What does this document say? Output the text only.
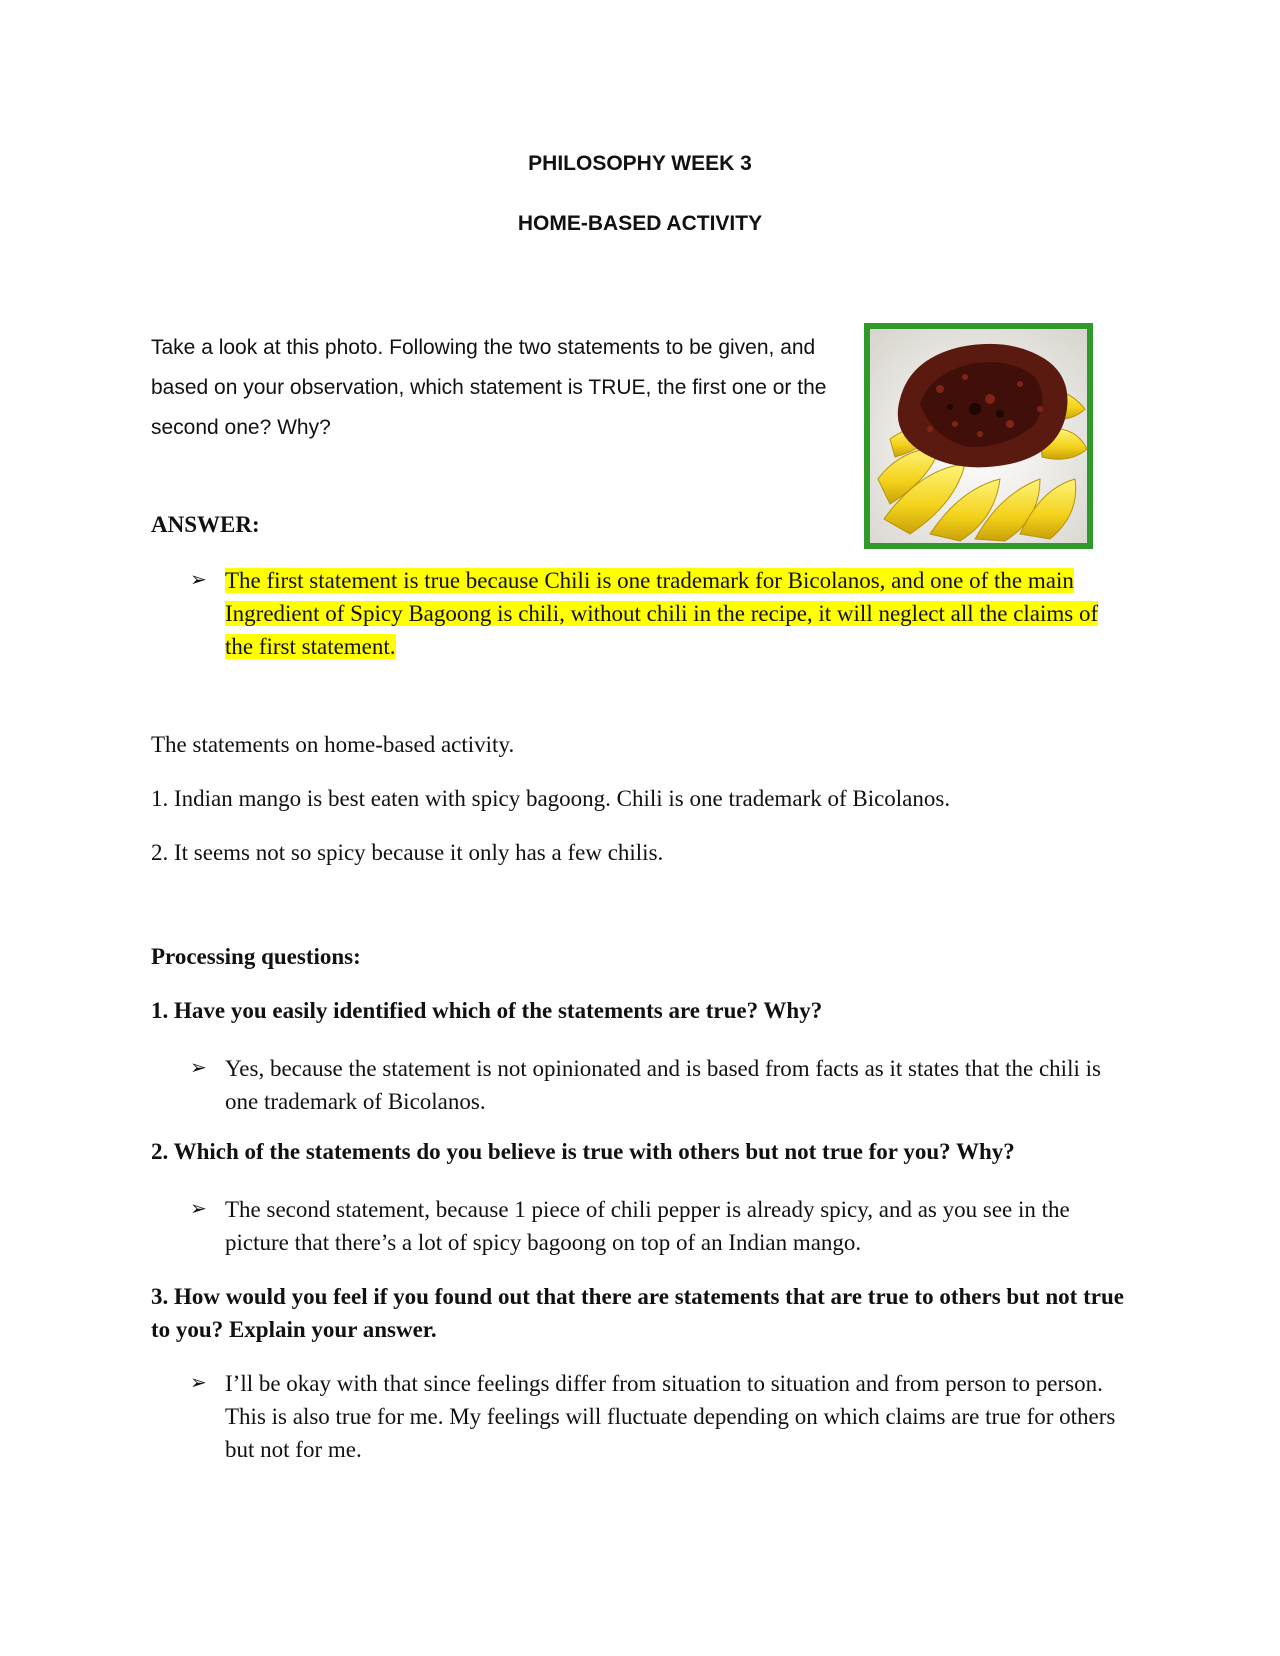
PHILOSOPHY WEEK 3
HOME-BASED ACTIVITY
Take a look at this photo. Following the two statements to be given, and based on your observation, which statement is TRUE, the first one or the second one? Why?
ANSWER:
➢ The first statement is true because Chili is one trademark for Bicolanos, and one of the main Ingredient of Spicy Bagoong is chili, without chili in the recipe, it will neglect all the claims of the first statement.
The statements on home-based activity.
1. Indian mango is best eaten with spicy bagoong. Chili is one trademark of Bicolanos.
2. It seems not so spicy because it only has a few chilis.
Processing questions:
1. Have you easily identified which of the statements are true? Why?
➢ Yes, because the statement is not opinionated and is based from facts as it states that the chili is one trademark of Bicolanos.
2. Which of the statements do you believe is true with others but not true for you? Why?
➢ The second statement, because 1 piece of chili pepper is already spicy, and as you see in the picture that there’s a lot of spicy bagoong on top of an Indian mango.
3. How would you feel if you found out that there are statements that are true to others but not true to you? Explain your answer.
➢ I’ll be okay with that since feelings differ from situation to situation and from person to person. This is also true for me. My feelings will fluctuate depending on which claims are true for others but not for me.
